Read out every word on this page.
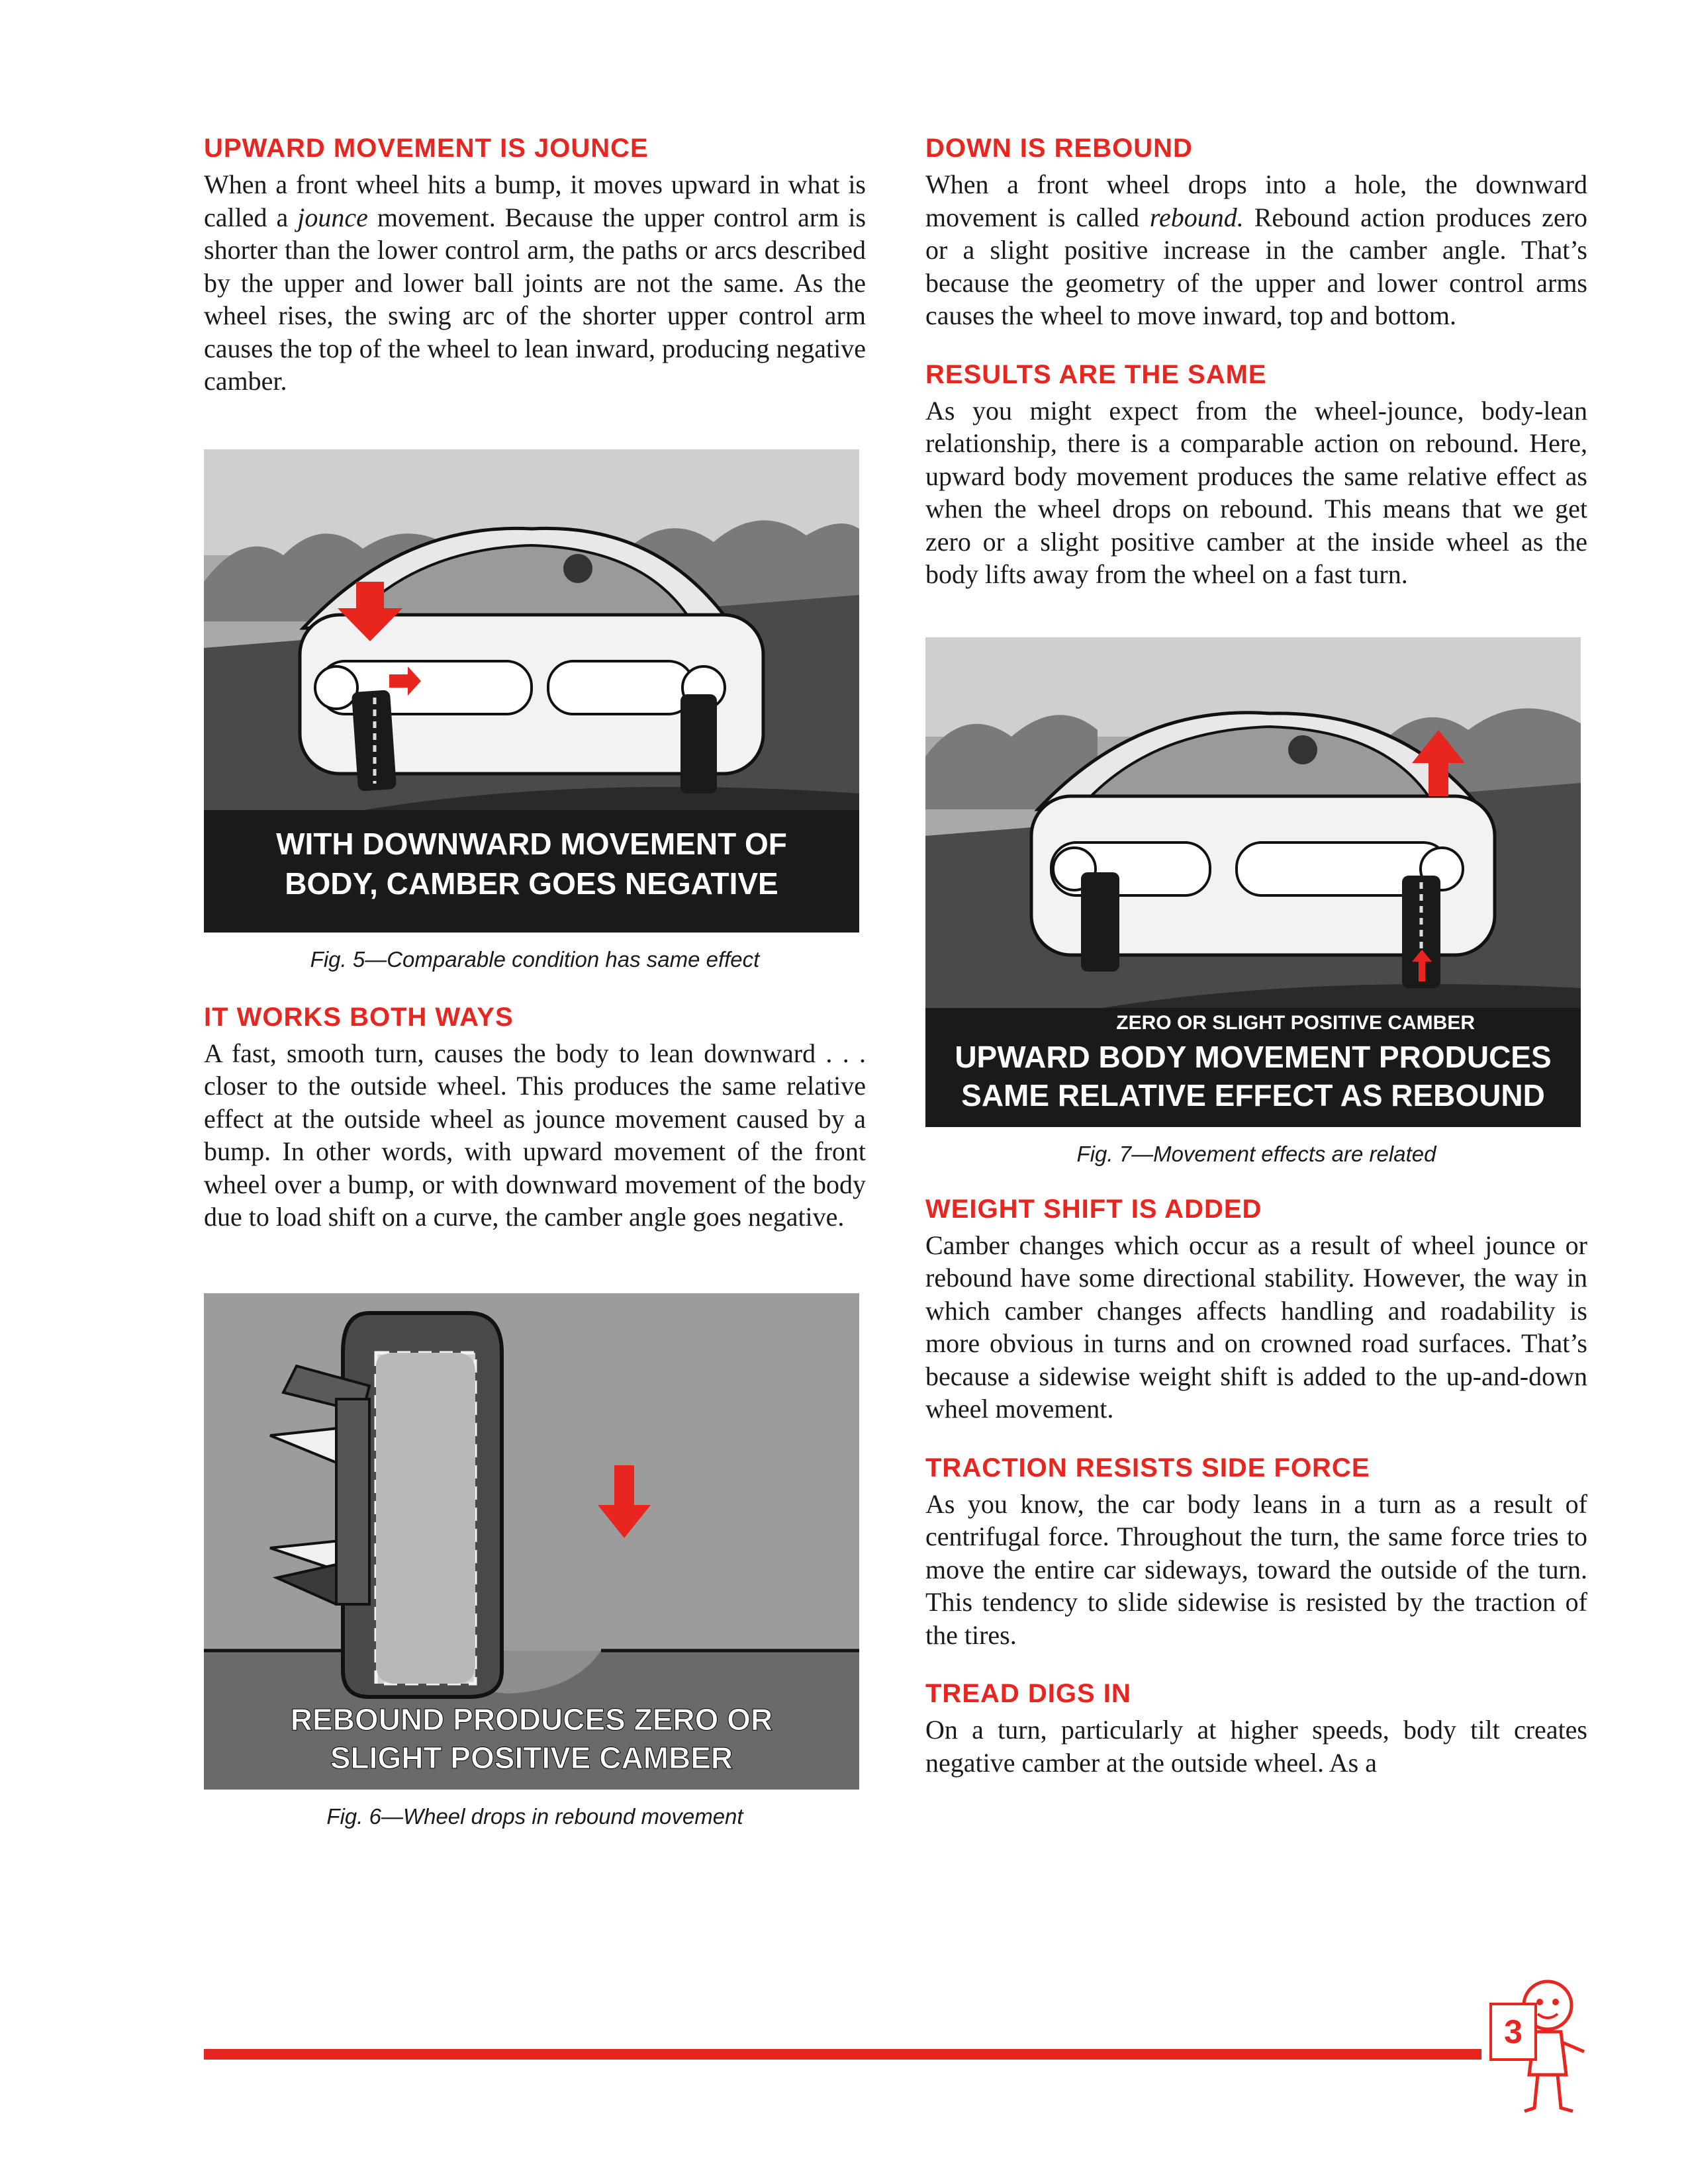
UPWARD MOVEMENT IS JOUNCE

When a front wheel hits a bump, it moves upward in what is called a jounce movement. Because the upper control arm is shorter than the lower control arm, the paths or arcs described by the upper and lower ball joints are not the same. As the wheel rises, the swing arc of the shorter upper control arm causes the top of the wheel to lean inward, producing negative camber.

WITH DOWNWARD MOVEMENT OF
BODY, CAMBER GOES NEGATIVE

Fig. 5—Comparable condition has same effect

IT WORKS BOTH WAYS

A fast, smooth turn, causes the body to lean downward . . . closer to the outside wheel. This produces the same relative effect at the outside wheel as jounce movement caused by a bump. In other words, with upward movement of the front wheel over a bump, or with downward movement of the body due to load shift on a curve, the camber angle goes negative.

REBOUND PRODUCES ZERO OR
SLIGHT POSITIVE CAMBER

Fig. 6—Wheel drops in rebound movement

DOWN IS REBOUND

When a front wheel drops into a hole, the downward movement is called rebound. Rebound action produces zero or a slight positive increase in the camber angle. That’s because the geometry of the upper and lower control arms causes the wheel to move inward, top and bottom.

RESULTS ARE THE SAME

As you might expect from the wheel-jounce, body-lean relationship, there is a comparable action on rebound. Here, upward body movement produces the same relative effect as when the wheel drops on rebound. This means that we get zero or a slight positive camber at the inside wheel as the body lifts away from the wheel on a fast turn.

ZERO OR SLIGHT POSITIVE CAMBER
UPWARD BODY MOVEMENT PRODUCES
SAME RELATIVE EFFECT AS REBOUND

Fig. 7—Movement effects are related

WEIGHT SHIFT IS ADDED

Camber changes which occur as a result of wheel jounce or rebound have some directional stability. However, the way in which camber changes affects handling and roadability is more obvious in turns and on crowned road surfaces. That’s because a sidewise weight shift is added to the up-and-down wheel movement.

TRACTION RESISTS SIDE FORCE

As you know, the car body leans in a turn as a result of centrifugal force. Throughout the turn, the same force tries to move the entire car sideways, toward the outside of the turn. This tendency to slide sidewise is resisted by the traction of the tires.

TREAD DIGS IN

On a turn, particularly at higher speeds, body tilt creates negative camber at the outside wheel. As a

3
